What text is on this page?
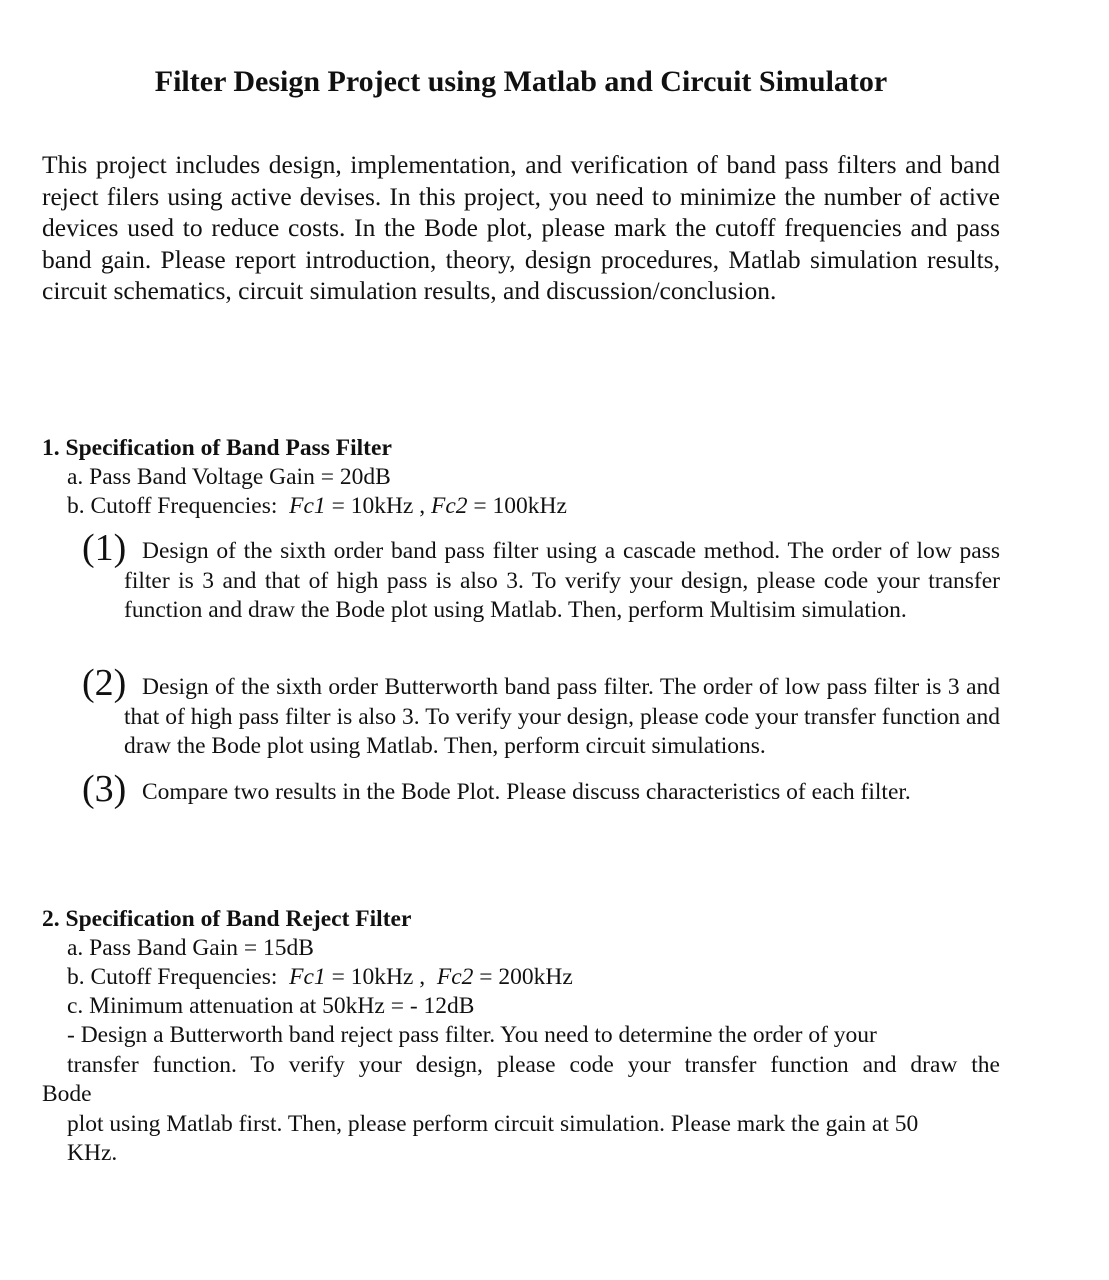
Filter Design Project using Matlab and Circuit Simulator
This project includes design, implementation, and verification of band pass filters and band reject filers using active devises. In this project, you need to minimize the number of active devices used to reduce costs. In the Bode plot, please mark the cutoff frequencies and pass band gain. Please report introduction, theory, design procedures, Matlab simulation results, circuit schematics, circuit simulation results, and discussion/conclusion.
1. Specification of Band Pass Filter
a. Pass Band Voltage Gain = 20dB
b. Cutoff Frequencies:  Fc1 = 10kHz , Fc2 = 100kHz
(1) Design of the sixth order band pass filter using a cascade method. The order of low pass filter is 3 and that of high pass is also 3. To verify your design, please code your transfer function and draw the Bode plot using Matlab. Then, perform Multisim simulation.
(2) Design of the sixth order Butterworth band pass filter. The order of low pass filter is 3 and that of high pass filter is also 3. To verify your design, please code your transfer function and draw the Bode plot using Matlab. Then, perform circuit simulations.
(3) Compare two results in the Bode Plot. Please discuss characteristics of each filter.
2. Specification of Band Reject Filter
a. Pass Band Gain = 15dB
b. Cutoff Frequencies:  Fc1 = 10kHz ,  Fc2 = 200kHz
c. Minimum attenuation at 50kHz = - 12dB
- Design a Butterworth band reject pass filter. You need to determine the order of your
transfer function. To verify your design, please code your transfer function and draw the
Bode
plot using Matlab first. Then, please perform circuit simulation. Please mark the gain at 50
KHz.
